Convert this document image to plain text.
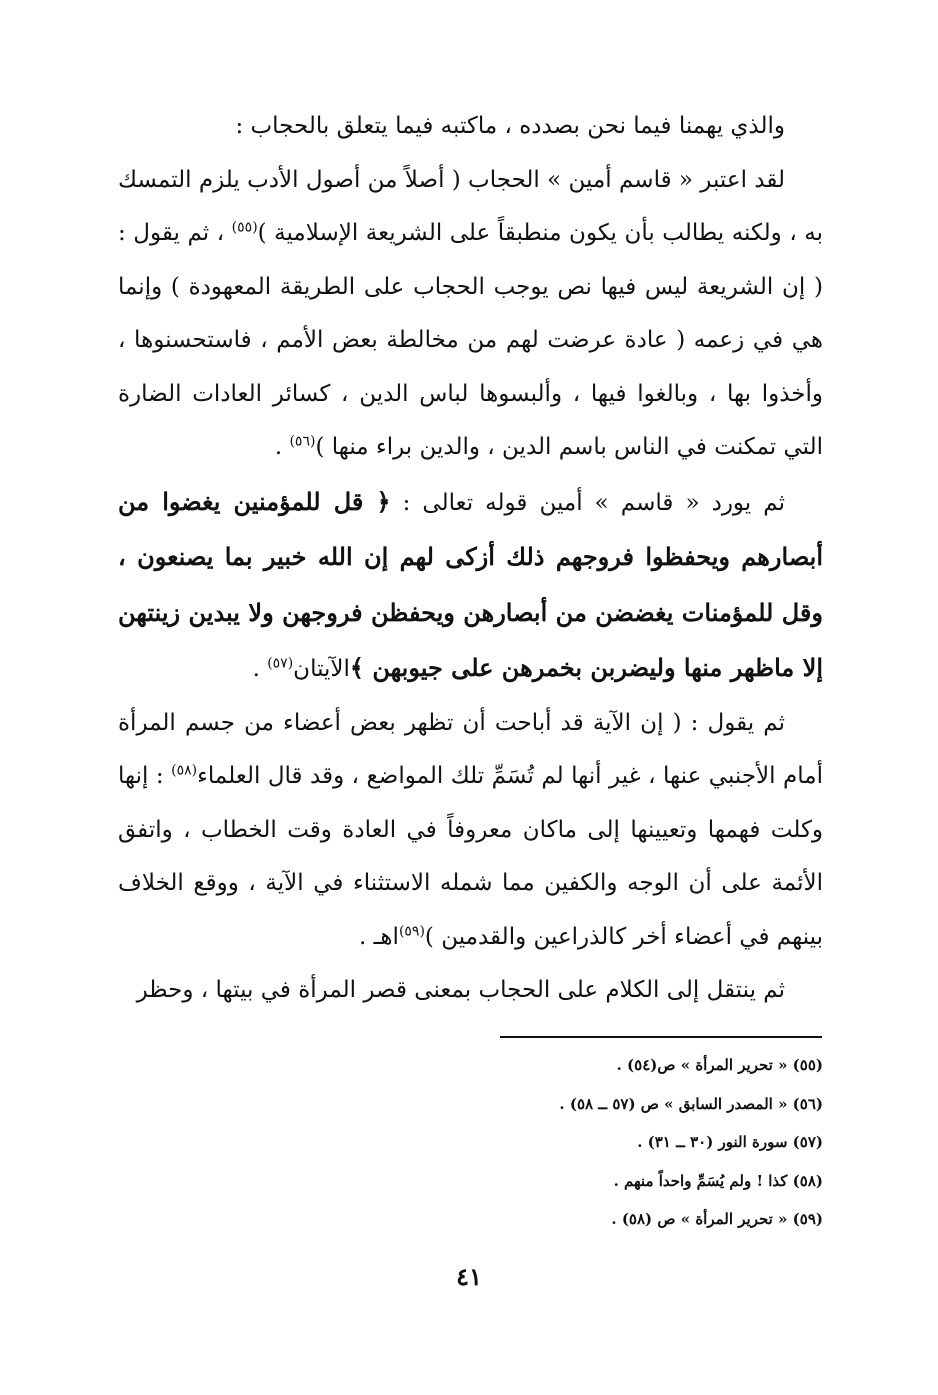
والذي يهمنا فيما نحن بصدده ، ماكتبه فيما يتعلق بالحجاب :

لقد اعتبر « قاسم أمين » الحجاب ( أصلاً من أصول الأدب يلزم التمسك به ، ولكنه يطالب بأن يكون منطبقاً على الشريعة الإسلامية )$^{(٥٥)}$ ، ثم يقول : ( إن الشريعة ليس فيها نص يوجب الحجاب على الطريقة المعهودة ) وإنما هي في زعمه ( عادة عرضت لهم من مخالطة بعض الأمم ، فاستحسنوها ، وأخذوا بها ، وبالغوا فيها ، وألبسوها لباس الدين ، كسائر العادات الضارة التي تمكنت في الناس باسم الدين ، والدين براء منها )$^{(٥٦)}$ .

ثم يورد « قاسم » أمين قوله تعالى : ﴿ قل للمؤمنين يغضوا من أبصارهم ويحفظوا فروجهم ذلك أزكى لهم إن الله خبير بما يصنعون ، وقل للمؤمنات يغضضن من أبصارهن ويحفظن فروجهن ولا يبدين زينتهن إلا ماظهر منها وليضربن بخمرهن على جيوبهن ﴾الآيتان$^{(٥٧)}$ .

ثم يقول : ( إن الآية قد أباحت أن تظهر بعض أعضاء من جسم المرأة أمام الأجنبي عنها ، غير أنها لم تُسَمِّ تلك المواضع ، وقد قال العلماء$^{(٥٨)}$ : إنها وكلت فهمها وتعيينها إلى ماكان معروفاً في العادة وقت الخطاب ، واتفق الأئمة على أن الوجه والكفين مما شمله الاستثناء في الآية ، ووقع الخلاف بينهم في أعضاء أخر كالذراعين والقدمين )$^{(٥٩)}$اهـ .

ثم ينتقل إلى الكلام على الحجاب بمعنى قصر المرأة في بيتها ، وحظر

(٥٥) « تحرير المرأة » ص(٥٤) .

(٥٦) « المصدر السابق » ص (٥٧ ــ ٥٨) .

(٥٧) سورة النور (٣٠ ــ ٣١) .

(٥٨) كذا ! ولم يُسَمِّ واحداً منهم .

(٥٩) « تحرير المرأة » ص (٥٨) .

٤١
